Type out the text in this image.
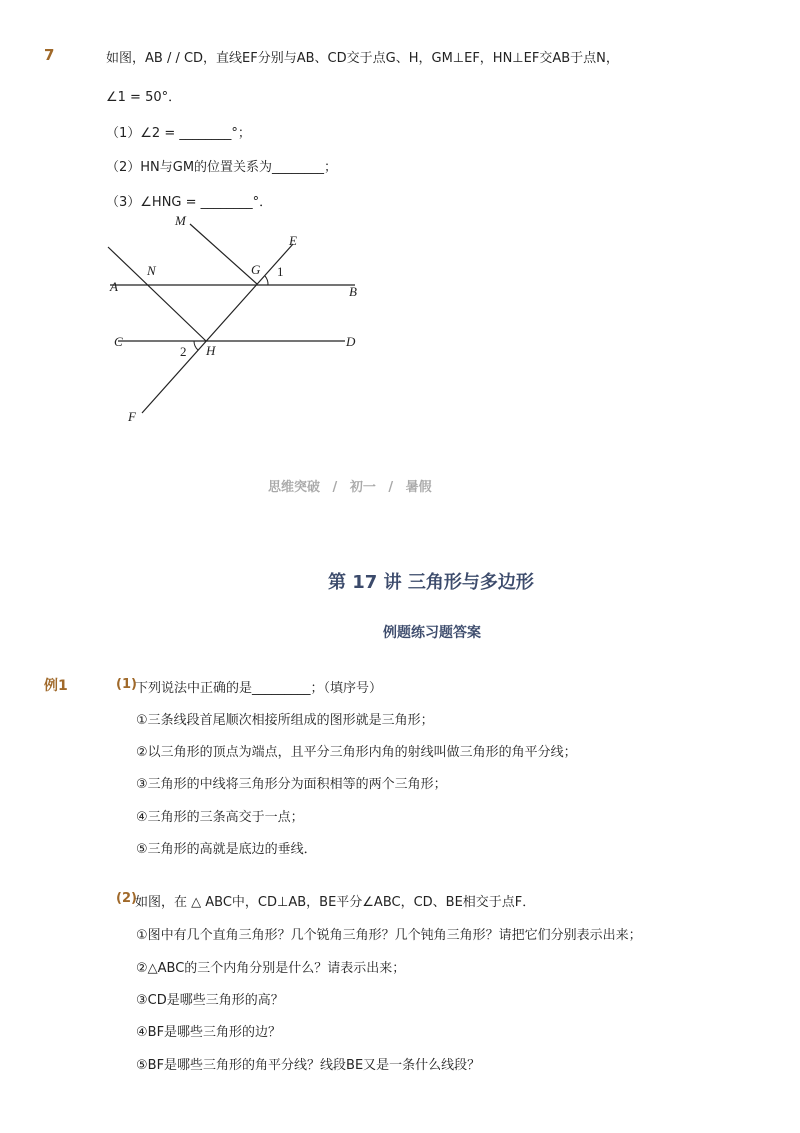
7	如图，AB / / CD，直线EF分别与AB、CD交于点G、H，GM⊥EF，HN⊥EF交AB于点N，
∠1 = 50°．
（1）∠2 = ________°；
（2）HN与GM的位置关系为________；
（3）∠HNG = ________°．
M
E
N	G 1
A	B
C	D
2 H
F
思维突破 / 初一 / 暑假
第 17 讲 三角形与多边形
例题练习题答案
例1	(1)
下列说法中正确的是_________；（填序号）
①三条线段首尾顺次相接所组成的图形就是三角形；
②以三角形的顶点为端点，且平分三角形内角的射线叫做三角形的角平分线；
③三角形的中线将三角形分为面积相等的两个三角形；
④三角形的三条高交于一点；
⑤三角形的高就是底边的垂线．
(2)
如图，在 △ ABC中，CD⊥AB，BE平分∠ABC，CD、BE相交于点F．
①图中有几个直角三角形？几个锐角三角形？几个钝角三角形？请把它们分别表示出来；
②△ABC的三个内角分别是什么？请表示出来；
③CD是哪些三角形的高？
④BF是哪些三角形的边？
⑤BF是哪些三角形的角平分线？线段BE又是一条什么线段？
